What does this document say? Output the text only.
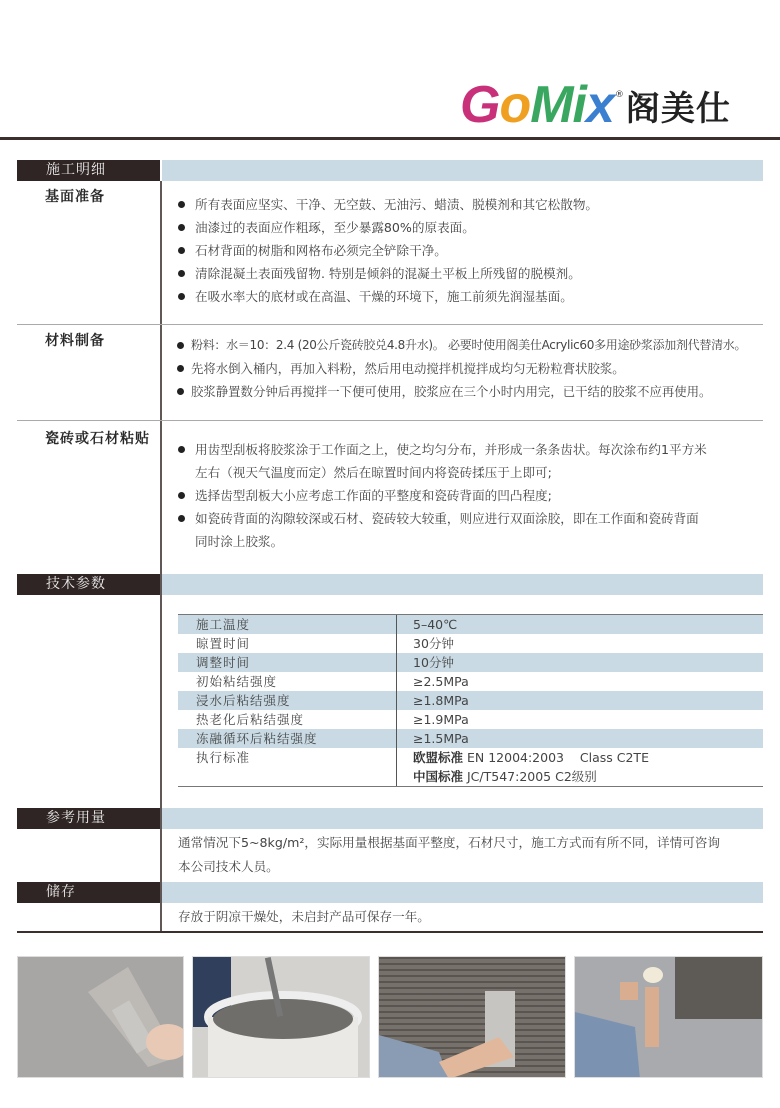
GoMix ® 阁美仕
施工明细
基面准备	所有表面应坚实、干净、无空鼓、无油污、蜡渍、脱模剂和其它松散物。
油漆过的表面应作粗琢，至少暴露80%的原表面。
石材背面的树脂和网格布必须完全铲除干净。
清除混凝土表面残留物. 特别是倾斜的混凝土平板上所残留的脱模剂。
在吸水率大的底材或在高温、干燥的环境下，施工前须先润湿基面。
材料制备	粉料：水＝10：2.4 (20公斤瓷砖胶兑4.8升水)。 必要时使用阁美仕Acrylic60多用途砂浆添加剂代替清水。
先将水倒入桶内，再加入料粉，然后用电动搅拌机搅拌成均匀无粉粒膏状胶浆。
胶浆静置数分钟后再搅拌一下便可使用，胶浆应在三个小时内用完，已干结的胶浆不应再使用。
瓷砖或石材粘贴
用齿型刮板将胶浆涂于工作面之上，使之均匀分布，并形成一条条齿状。每次涂布约1平方米
左右（视天气温度而定）然后在晾置时间内将瓷砖揉压于上即可;
选择齿型刮板大小应考虑工作面的平整度和瓷砖背面的凹凸程度;
如瓷砖背面的沟隙较深或石材、瓷砖较大较重，则应进行双面涂胶，即在工作面和瓷砖背面
同时涂上胶浆。
技术参数
施工温度	5–40℃
晾置时间	30分钟
调整时间	10分钟
初始粘结强度	≥2.5MPa
浸水后粘结强度	≥1.8MPa
热老化后粘结强度	≥1.9MPa
冻融循环后粘结强度	≥1.5MPa
执行标准	欧盟标准 EN 12004:2003    Class C2TE
中国标准 JC/T547:2005 C2级别
参考用量
通常情况下5~8kg/m²，实际用量根据基面平整度，石材尺寸，施工方式而有所不同，详情可咨询
本公司技术人员。
储存
存放于阴凉干燥处，未启封产品可保存一年。
